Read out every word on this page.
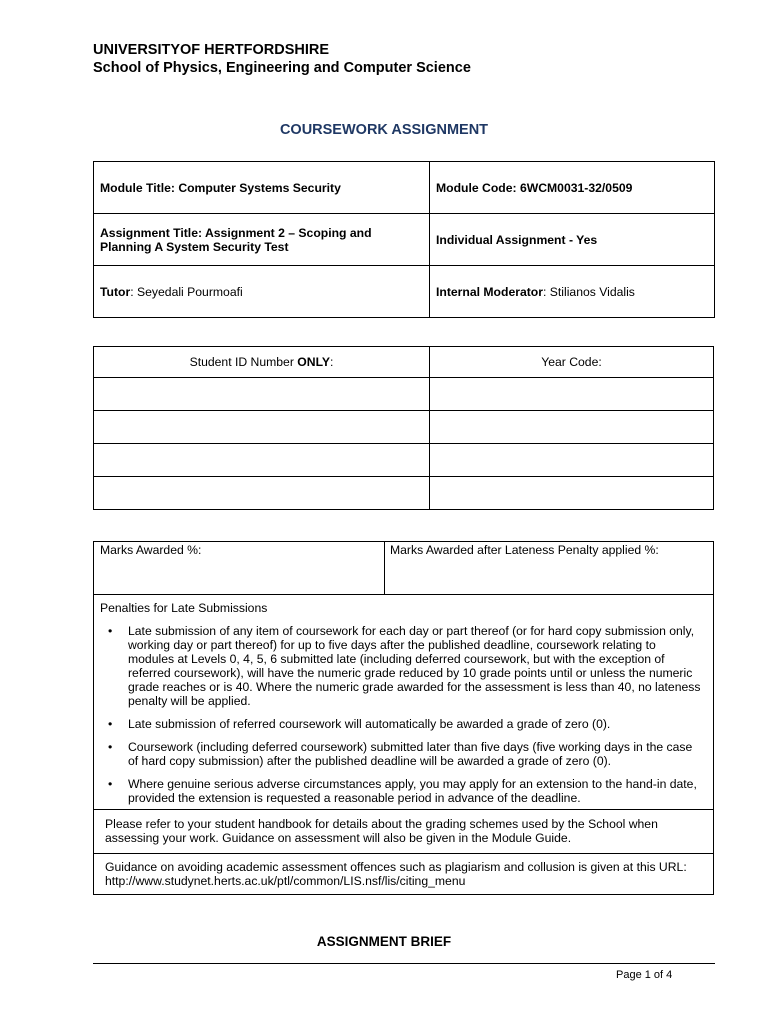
UNIVERSITYOF HERTFORDSHIRE
School of Physics, Engineering and Computer Science
COURSEWORK ASSIGNMENT
Module Title: Computer Systems Security	Module Code: 6WCM0031-32/0509
Assignment Title: Assignment 2 – Scoping and Planning A System Security Test	Individual Assignment - Yes
Tutor: Seyedali Pourmoafi	Internal Moderator: Stilianos Vidalis
Student ID Number ONLY:	Year Code:

Marks Awarded %:	Marks Awarded after Lateness Penalty applied %:
Penalties for Late Submissions
• Late submission of any item of coursework for each day or part thereof (or for hard copy submission only, working day or part thereof) for up to five days after the published deadline, coursework relating to modules at Levels 0, 4, 5, 6 submitted late (including deferred coursework, but with the exception of referred coursework), will have the numeric grade reduced by 10 grade points until or unless the numeric grade reaches or is 40. Where the numeric grade awarded for the assessment is less than 40, no lateness penalty will be applied.
• Late submission of referred coursework will automatically be awarded a grade of zero (0).
• Coursework (including deferred coursework) submitted later than five days (five working days in the case of hard copy submission) after the published deadline will be awarded a grade of zero (0).
• Where genuine serious adverse circumstances apply, you may apply for an extension to the hand-in date, provided the extension is requested a reasonable period in advance of the deadline.
Please refer to your student handbook for details about the grading schemes used by the School when assessing your work. Guidance on assessment will also be given in the Module Guide.
Guidance on avoiding academic assessment offences such as plagiarism and collusion is given at this URL: http://www.studynet.herts.ac.uk/ptl/common/LIS.nsf/lis/citing_menu
ASSIGNMENT BRIEF
Page 1 of 4
